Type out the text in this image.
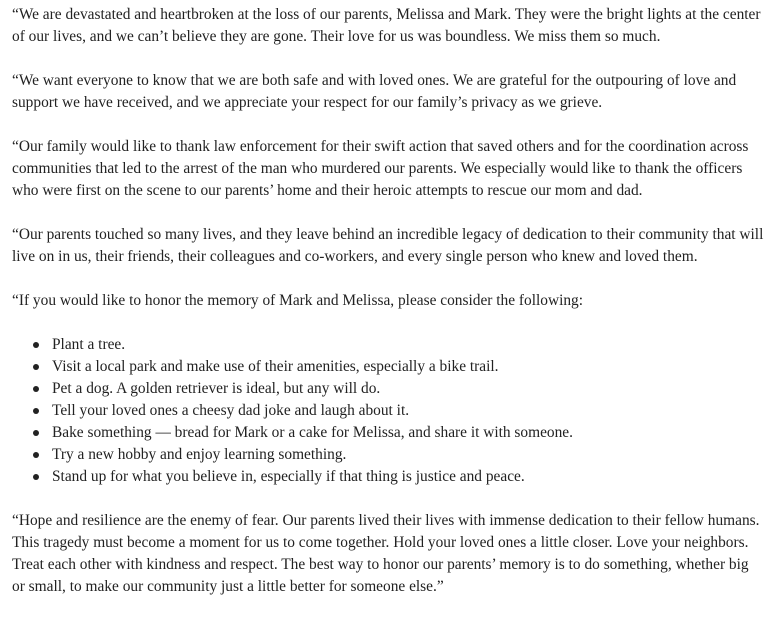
“We are devastated and heartbroken at the loss of our parents, Melissa and Mark. They were the bright lights at the center of our lives, and we can’t believe they are gone. Their love for us was boundless. We miss them so much.

“We want everyone to know that we are both safe and with loved ones. We are grateful for the outpouring of love and support we have received, and we appreciate your respect for our family’s privacy as we grieve.

“Our family would like to thank law enforcement for their swift action that saved others and for the coordination across communities that led to the arrest of the man who murdered our parents. We especially would like to thank the officers who were first on the scene to our parents’ home and their heroic attempts to rescue our mom and dad.

“Our parents touched so many lives, and they leave behind an incredible legacy of dedication to their community that will live on in us, their friends, their colleagues and co-workers, and every single person who knew and loved them.

“If you would like to honor the memory of Mark and Melissa, please consider the following:

Plant a tree.
Visit a local park and make use of their amenities, especially a bike trail.
Pet a dog. A golden retriever is ideal, but any will do.
Tell your loved ones a cheesy dad joke and laugh about it.
Bake something — bread for Mark or a cake for Melissa, and share it with someone.
Try a new hobby and enjoy learning something.
Stand up for what you believe in, especially if that thing is justice and peace.

“Hope and resilience are the enemy of fear. Our parents lived their lives with immense dedication to their fellow humans. This tragedy must become a moment for us to come together. Hold your loved ones a little closer. Love your neighbors. Treat each other with kindness and respect. The best way to honor our parents’ memory is to do something, whether big or small, to make our community just a little better for someone else.”
